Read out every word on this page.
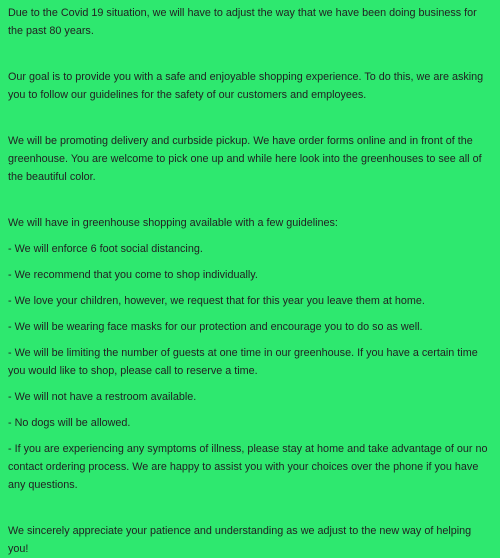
Due to the Covid 19 situation, we will have to adjust the way that we have been doing business for the past 80 years.

Our goal is to provide you with a safe and enjoyable shopping experience. To do this, we are asking you to follow our guidelines for the safety of our customers and employees.

We will be promoting delivery and curbside pickup. We have order forms online and in front of the greenhouse. You are welcome to pick one up and while here look into the greenhouses to see all of the beautiful color.

We will have in greenhouse shopping available with a few guidelines:

- We will enforce 6 foot social distancing.

- We recommend that you come to shop individually.

- We love your children, however, we request that for this year you leave them at home.

- We will be wearing face masks for our protection and encourage you to do so as well.

- We will be limiting the number of guests at one time in our greenhouse. If you have a certain time you would like to shop, please call to reserve a time.

- We will not have a restroom available.

- No dogs will be allowed.

- If you are experiencing any symptoms of illness, please stay at home and take advantage of our no contact ordering process. We are happy to assist you with your choices over the phone if you have any questions.

We sincerely appreciate your patience and understanding as we adjust to the new way of helping you!
